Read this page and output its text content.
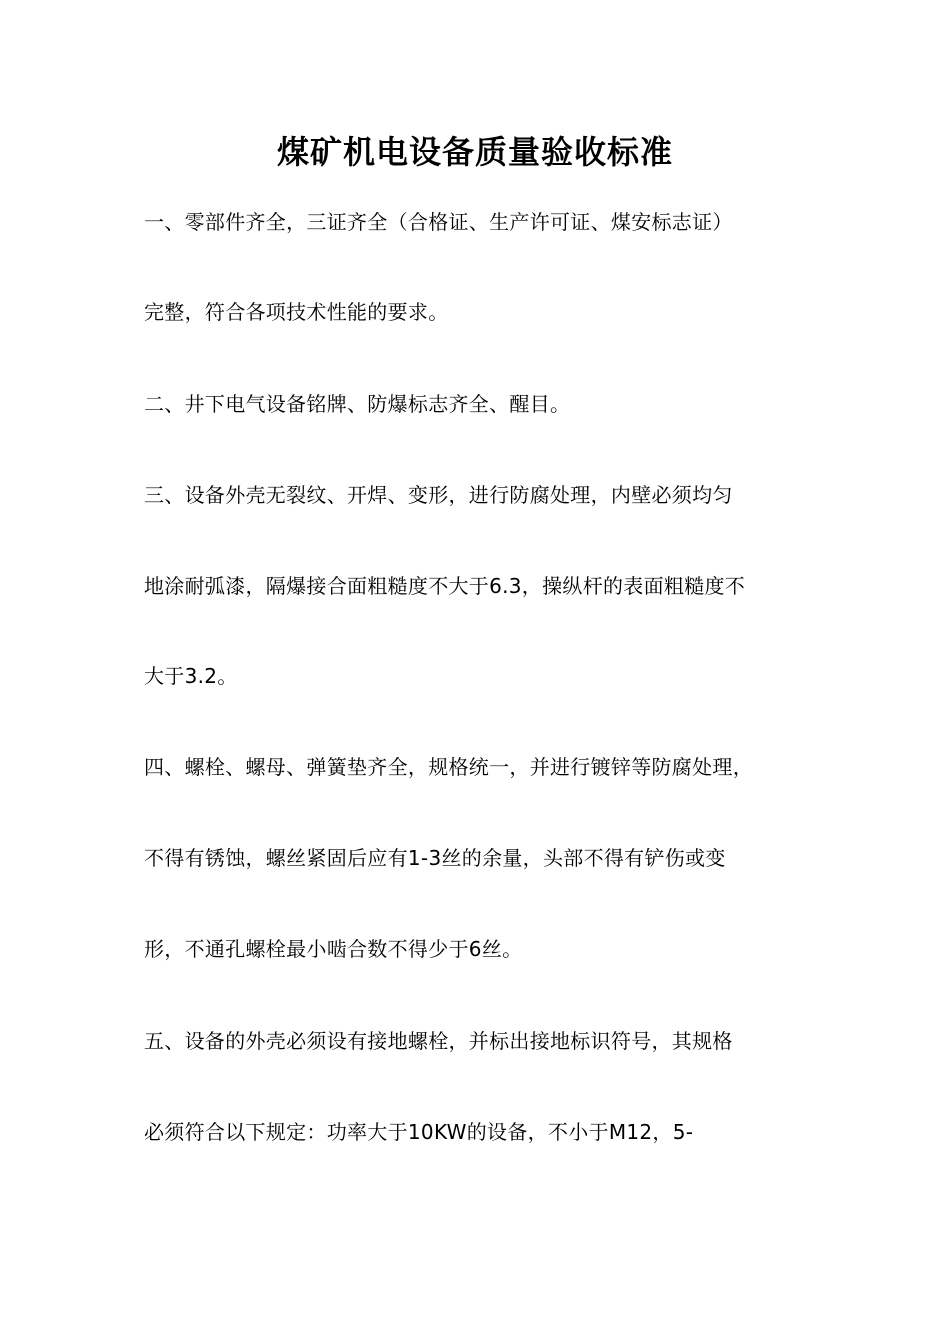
煤矿机电设备质量验收标准
一、零部件齐全，三证齐全（合格证、生产许可证、煤安标志证）
完整，符合各项技术性能的要求。
二、井下电气设备铭牌、防爆标志齐全、醒目。
三、设备外壳无裂纹、开焊、变形，进行防腐处理，内壁必须均匀
地涂耐弧漆，隔爆接合面粗糙度不大于6.3，操纵杆的表面粗糙度不
大于3.2。
四、螺栓、螺母、弹簧垫齐全，规格统一，并进行镀锌等防腐处理，
不得有锈蚀，螺丝紧固后应有1-3丝的余量，头部不得有铲伤或变
形，不通孔螺栓最小啮合数不得少于6丝。
五、设备的外壳必须设有接地螺栓，并标出接地标识符号，其规格
必须符合以下规定：功率大于10KW的设备，不小于M12，5-
